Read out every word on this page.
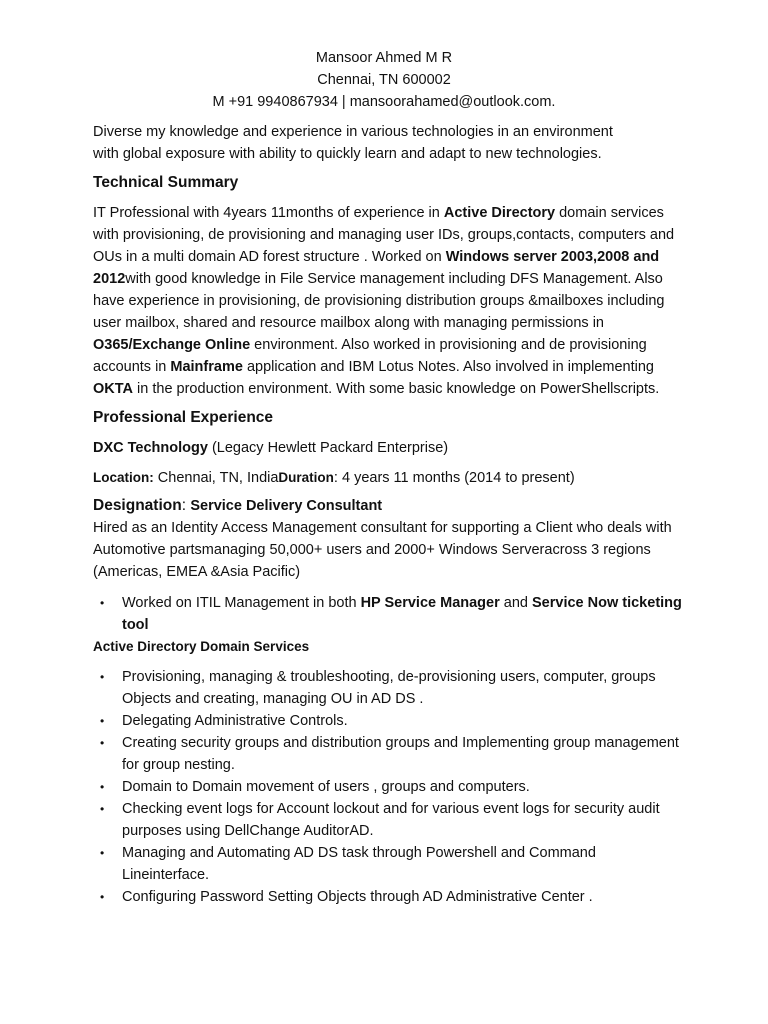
Mansoor Ahmed M R
Chennai, TN 600002
M +91 9940867934 | mansoorahamed@outlook.com.

Diverse my knowledge and experience in various technologies in an environment
with global exposure with ability to quickly learn and adapt to new technologies.

Technical Summary

IT Professional with 4years 11months of experience in Active Directory domain services with provisioning, de provisioning and managing user IDs, groups,contacts, computers and OUs in a multi domain AD forest structure . Worked on Windows server 2003,2008 and 2012with good knowledge in File Service management including DFS Management. Also have experience in provisioning, de provisioning distribution groups &mailboxes including user mailbox, shared and resource mailbox along with managing permissions in O365/Exchange Online environment. Also worked in provisioning and de provisioning accounts in Mainframe application and IBM Lotus Notes. Also involved in implementing OKTA in the production environment. With some basic knowledge on PowerShellscripts.

Professional Experience

DXC Technology (Legacy Hewlett Packard Enterprise)

Location: Chennai, TN, IndiaDuration: 4 years 11 months (2014 to present)

Designation: Service Delivery Consultant

Hired as an Identity Access Management consultant for supporting a Client who deals with Automotive partsmanaging 50,000+ users and 2000+ Windows Serveracross 3 regions (Americas, EMEA &Asia Pacific)

• Worked on ITIL Management in both HP Service Manager and Service Now ticketing tool
Active Directory Domain Services
• Provisioning, managing & troubleshooting, de-provisioning users, computer, groups Objects and creating, managing OU in AD DS .
• Delegating Administrative Controls.
• Creating security groups and distribution groups and Implementing group management for group nesting.
• Domain to Domain movement of users , groups and computers.
• Checking event logs for Account lockout and for various event logs for security audit purposes using DellChange AuditorAD.
• Managing and Automating AD DS task through Powershell and Command Lineinterface.
• Configuring Password Setting Objects through AD Administrative Center .
